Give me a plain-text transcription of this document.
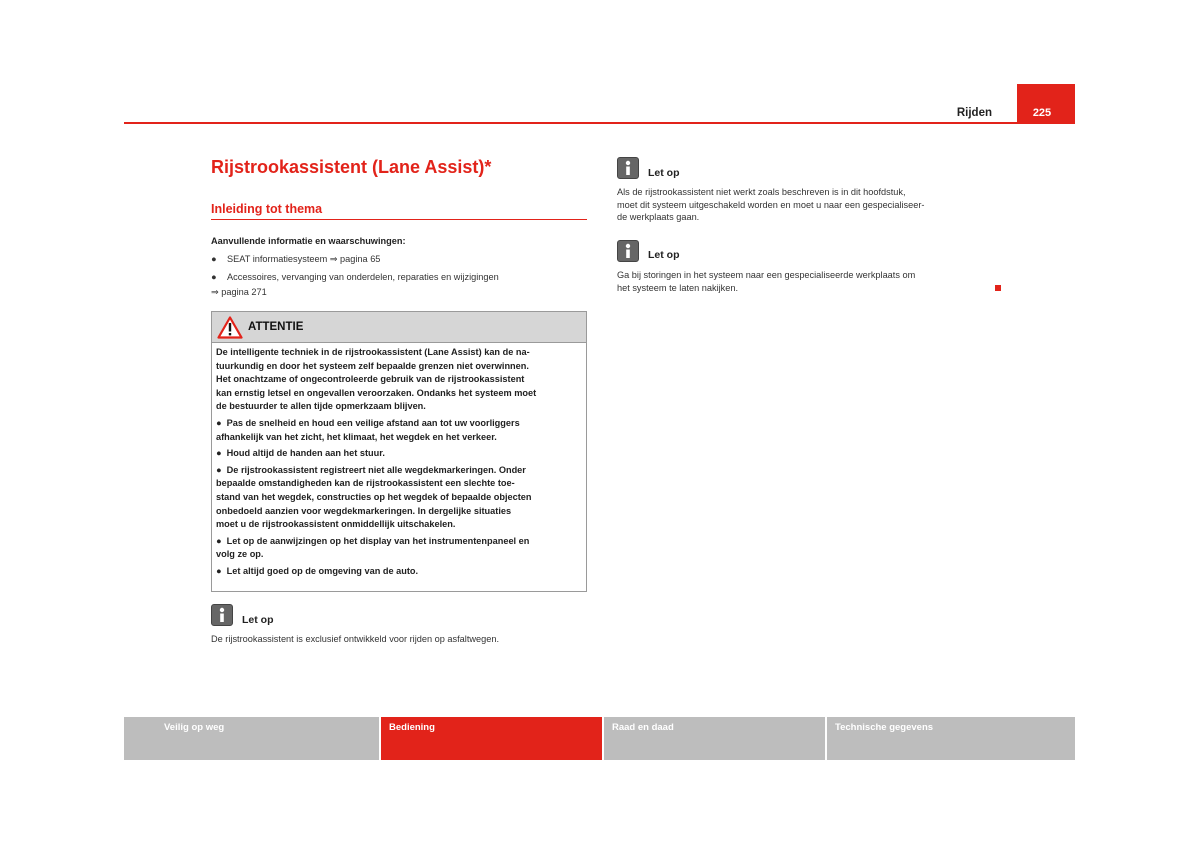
Rijden	225
Rijstrookassistent (Lane Assist)*
Inleiding tot thema
Aanvullende informatie en waarschuwingen:
● SEAT informatiesysteem ⇒ pagina 65
● Accessoires, vervanging van onderdelen, reparaties en wijzigingen
⇒ pagina 271
ATTENTIE

De intelligente techniek in de rijstrookassistent (Lane Assist) kan de na-
tuurkundig en door het systeem zelf bepaalde grenzen niet overwinnen.
Het onachtzame of ongecontroleerde gebruik van de rijstrookassistent
kan ernstig letsel en ongevallen veroorzaken. Ondanks het systeem moet
de bestuurder te allen tijde opmerkzaam blijven.

●  Pas de snelheid en houd een veilige afstand aan tot uw voorliggers
afhankelijk van het zicht, het klimaat, het wegdek en het verkeer.

●  Houd altijd de handen aan het stuur.

●  De rijstrookassistent registreert niet alle wegdekmarkeringen. Onder
bepaalde omstandigheden kan de rijstrookassistent een slechte toe-
stand van het wegdek, constructies op het wegdek of bepaalde objecten
onbedoeld aanzien voor wegdekmarkeringen. In dergelijke situaties
moet u de rijstrookassistent onmiddellijk uitschakelen.

●  Let op de aanwijzingen op het display van het instrumentenpaneel en
volg ze op.

●  Let altijd goed op de omgeving van de auto.

Let op
De rijstrookassistent is exclusief ontwikkeld voor rijden op asfaltwegen.
Let op
Als de rijstrookassistent niet werkt zoals beschreven is in dit hoofdstuk,
moet dit systeem uitgeschakeld worden en moet u naar een gespecialiseer-
de werkplaats gaan.
Let op
Ga bij storingen in het systeem naar een gespecialiseerde werkplaats om
het systeem te laten nakijken.
Veilig op weg	Bediening	Raad en daad	Technische gegevens
